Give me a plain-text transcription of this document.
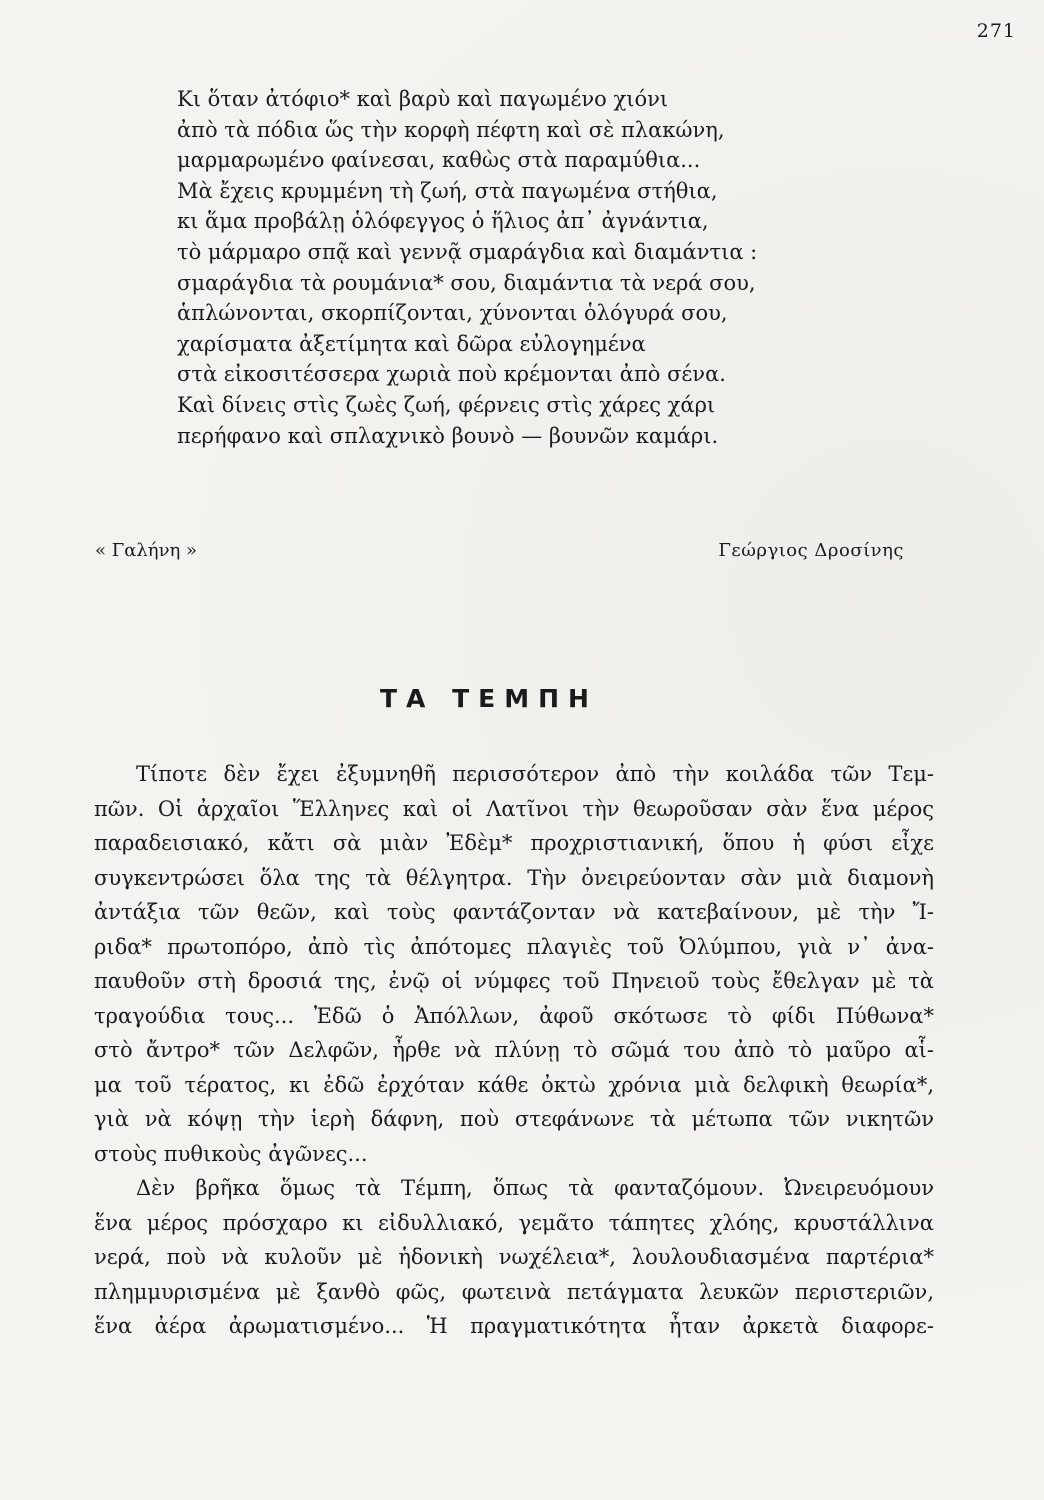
271
Κι ὅταν ἀτόφιο* καὶ βαρὺ καὶ παγωμένο χιόνι
ἀπὸ τὰ πόδια ὥς τὴν κορφὴ πέφτη καὶ σὲ πλακώνη,
μαρμαρωμένο φαίνεσαι, καθὼς στὰ παραμύθια...
Μὰ ἔχεις κρυμμένη τὴ ζωή, στὰ παγωμένα στήθια,
κι ἅμα προβάλῃ ὁλόφεγγος ὁ ἥλιος ἀπ᾿ ἀγνάντια,
τὸ μάρμαρο σπᾷ καὶ γεννᾷ σμαράγδια καὶ διαμάντια :
σμαράγδια τὰ ρουμάνια* σου, διαμάντια τὰ νερά σου,
ἁπλώνονται, σκορπίζονται, χύνονται ὁλόγυρά σου,
χαρίσματα ἀξετίμητα καὶ δῶρα εὐλογημένα
στὰ εἰκοσιτέσσερα χωριὰ ποὺ κρέμονται ἀπὸ σένα.
Καὶ δίνεις στὶς ζωὲς ζωή, φέρνεις στὶς χάρες χάρι
περήφανο καὶ σπλαχνικὸ βουνὸ — βουνῶν καμάρι.
« Γαλήνη »	Γεώργιος Δροσίνης
ΤΑ ΤΕΜΠΗ
Τίποτε δὲν ἔχει ἐξυμνηθῆ περισσότερον ἀπὸ τὴν κοιλάδα τῶν Τεμ-
πῶν. Οἱ ἀρχαῖοι Ἕλληνες καὶ οἱ Λατῖνοι τὴν θεωροῦσαν σὰν ἕνα μέρος
παραδεισιακό, κἄτι σὰ μιὰν Ἐδὲμ* προχριστιανική, ὅπου ἡ φύσι εἶχε
συγκεντρώσει ὅλα της τὰ θέλγητρα. Τὴν ὀνειρεύονταν σὰν μιὰ διαμονὴ
ἀντάξια τῶν θεῶν, καὶ τοὺς φαντάζονταν νὰ κατεβαίνουν, μὲ τὴν Ἴ-
ριδα* πρωτοπόρο, ἀπὸ τὶς ἀπότομες πλαγιὲς τοῦ Ὀλύμπου, γιὰ ν᾿ ἀνα-
παυθοῦν στὴ δροσιά της, ἐνῷ οἱ νύμφες τοῦ Πηνειοῦ τοὺς ἔθελγαν μὲ τὰ
τραγούδια τους... Ἐδῶ ὁ Ἀπόλλων, ἀφοῦ σκότωσε τὸ φίδι Πύθωνα*
στὸ ἄντρο* τῶν Δελφῶν, ἦρθε νὰ πλύνῃ τὸ σῶμά του ἀπὸ τὸ μαῦρο αἷ-
μα τοῦ τέρατος, κι ἐδῶ ἐρχόταν κάθε ὀκτὼ χρόνια μιὰ δελφικὴ θεωρία*,
γιὰ νὰ κόψῃ τὴν ἱερὴ δάφνη, ποὺ στεφάνωνε τὰ μέτωπα τῶν νικητῶν
στοὺς πυθικοὺς ἀγῶνες...
Δὲν βρῆκα ὅμως τὰ Τέμπη, ὅπως τὰ φανταζόμουν. Ὠνειρευόμουν
ἕνα μέρος πρόσχαρο κι εἰδυλλιακό, γεμᾶτο τάπητες χλόης, κρυστάλλινα
νερά, ποὺ νὰ κυλοῦν μὲ ἡδονικὴ νωχέλεια*, λουλουδιασμένα παρτέρια*
πλημμυρισμένα μὲ ξανθὸ φῶς, φωτεινὰ πετάγματα λευκῶν περιστεριῶν,
ἕνα ἀέρα ἀρωματισμένο... Ἡ πραγματικότητα ἦταν ἀρκετὰ διαφορε-
